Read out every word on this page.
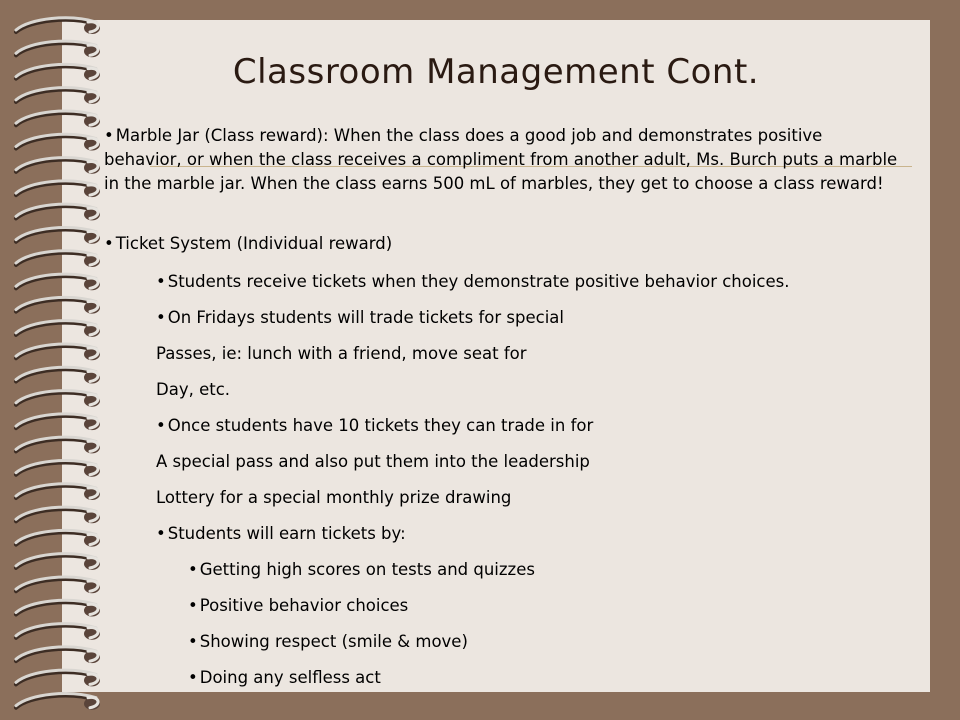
Classroom Management Cont.
• Marble Jar (Class reward): When the class does a good job and demonstrates positive behavior, or when the class receives a compliment from another adult, Ms. Burch puts a marble in the marble jar. When the class earns 500 mL of marbles, they get to choose a class reward!
• Ticket System (Individual reward)
• Students receive tickets when they demonstrate positive behavior choices.
• On Fridays students will trade tickets for special
Passes, ie: lunch with a friend, move seat for
Day, etc.
• Once students have 10 tickets they can trade in for
A special pass and also put them into the leadership
Lottery for a special monthly prize drawing
• Students will earn tickets by:
• Getting high scores on tests and quizzes
• Positive behavior choices
• Showing respect (smile & move)
• Doing any selfless act
